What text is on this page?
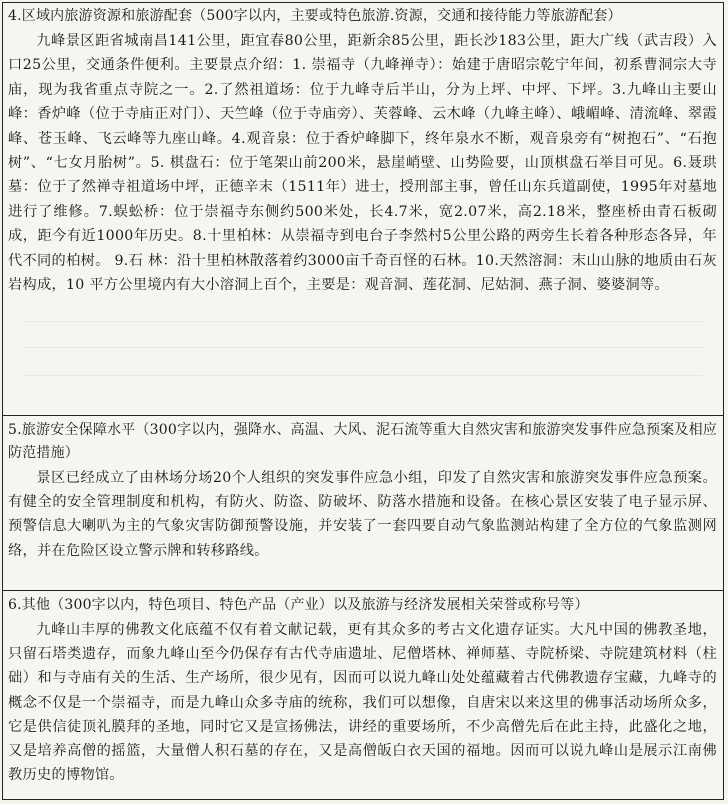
4.区域内旅游资源和旅游配套（500字以内，主要或特色旅游.资源，交通和接待能力等旅游配套）

九峰景区距省城南昌141公里，距宜春80公里，距新余85公里，距长沙183公里，距大广线（武吉段）入口25公里，交通条件便利。主要景点介绍：1. 崇福寺（九峰禅寺）：始建于唐昭宗乾宁年间，初系曹洞宗大寺庙，现为我省重点寺院之一。2.了然祖道场：位于九峰寺后半山，分为上坪、中坪、下坪。3.九峰山主要山峰：香炉峰（位于寺庙正对门）、天竺峰（位于寺庙旁）、芙蓉峰、云木峰（九峰主峰）、峨嵋峰、清流峰、翠霞峰、苍玉峰、飞云峰等九座山峰。4.观音泉：位于香炉峰脚下，终年泉水不断，观音泉旁有“树抱石”、“石抱树”、“七女月胎树”。5. 棋盘石：位于笔架山前200米，悬崖峭壁、山势险要，山顶棋盘石举目可见。6.聂珙墓：位于了然禅寺祖道场中坪，正德辛末（1511年）进士，授刑部主事，曾任山东兵道副使，1995年对墓地进行了维修。7.蜈蚣桥：位于崇福寺东侧约500米处，长4.7米，宽2.07米，高2.18米，整座桥由青石板砌成，距今有近1000年历史。8.十里柏林：从崇福寺到电台子李然村5公里公路的两旁生长着各种形态各异，年代不同的柏树。 9.石 林：沿十里柏林散落着约3000亩千奇百怪的石林。10.天然溶洞：末山山脉的地质由石灰岩构成，10 平方公里境内有大小溶洞上百个，主要是：观音洞、莲花洞、尼姑洞、燕子洞、婆婆洞等。

5.旅游安全保障水平（300字以内，强降水、高温、大风、泥石流等重大自然灾害和旅游突发事件应急预案及相应防范措施）

景区已经成立了由林场分场20个人组织的突发事件应急小组，印发了自然灾害和旅游突发事件应急预案。有健全的安全管理制度和机构，有防火、防盗、防破坏、防落水措施和设备。在核心景区安装了电子显示屏、预警信息大喇叭为主的气象灾害防御预警设施，并安装了一套四要自动气象监测站构建了全方位的气象监测网络，并在危险区设立警示牌和转移路线。

6.其他（300字以内，特色项目、特色产品（产业）以及旅游与经济发展相关荣誉或称号等）

九峰山丰厚的佛教文化底蕴不仅有着文献记载，更有其众多的考古文化遗存证实。大凡中国的佛教圣地，只留石塔类遗存，而象九峰山至今仍保存有古代寺庙遗址、尼僧塔林、禅师墓、寺院桥梁、寺院建筑材料（柱础）和与寺庙有关的生活、生产场所，很少见有，因而可以说九峰山处处蕴藏着古代佛教遗存宝藏，九峰寺的概念不仅是一个崇福寺，而是九峰山众多寺庙的统称，我们可以想像，自唐宋以来这里的佛事活动场所众多，它是供信徒顶礼膜拜的圣地，同时它又是宣扬佛法，讲经的重要场所，不少高僧先后在此主持，此盛化之地，又是培养高僧的摇篮，大量僧人积石墓的存在，又是高僧皈白衣天国的福地。因而可以说九峰山是展示江南佛教历史的博物馆。
